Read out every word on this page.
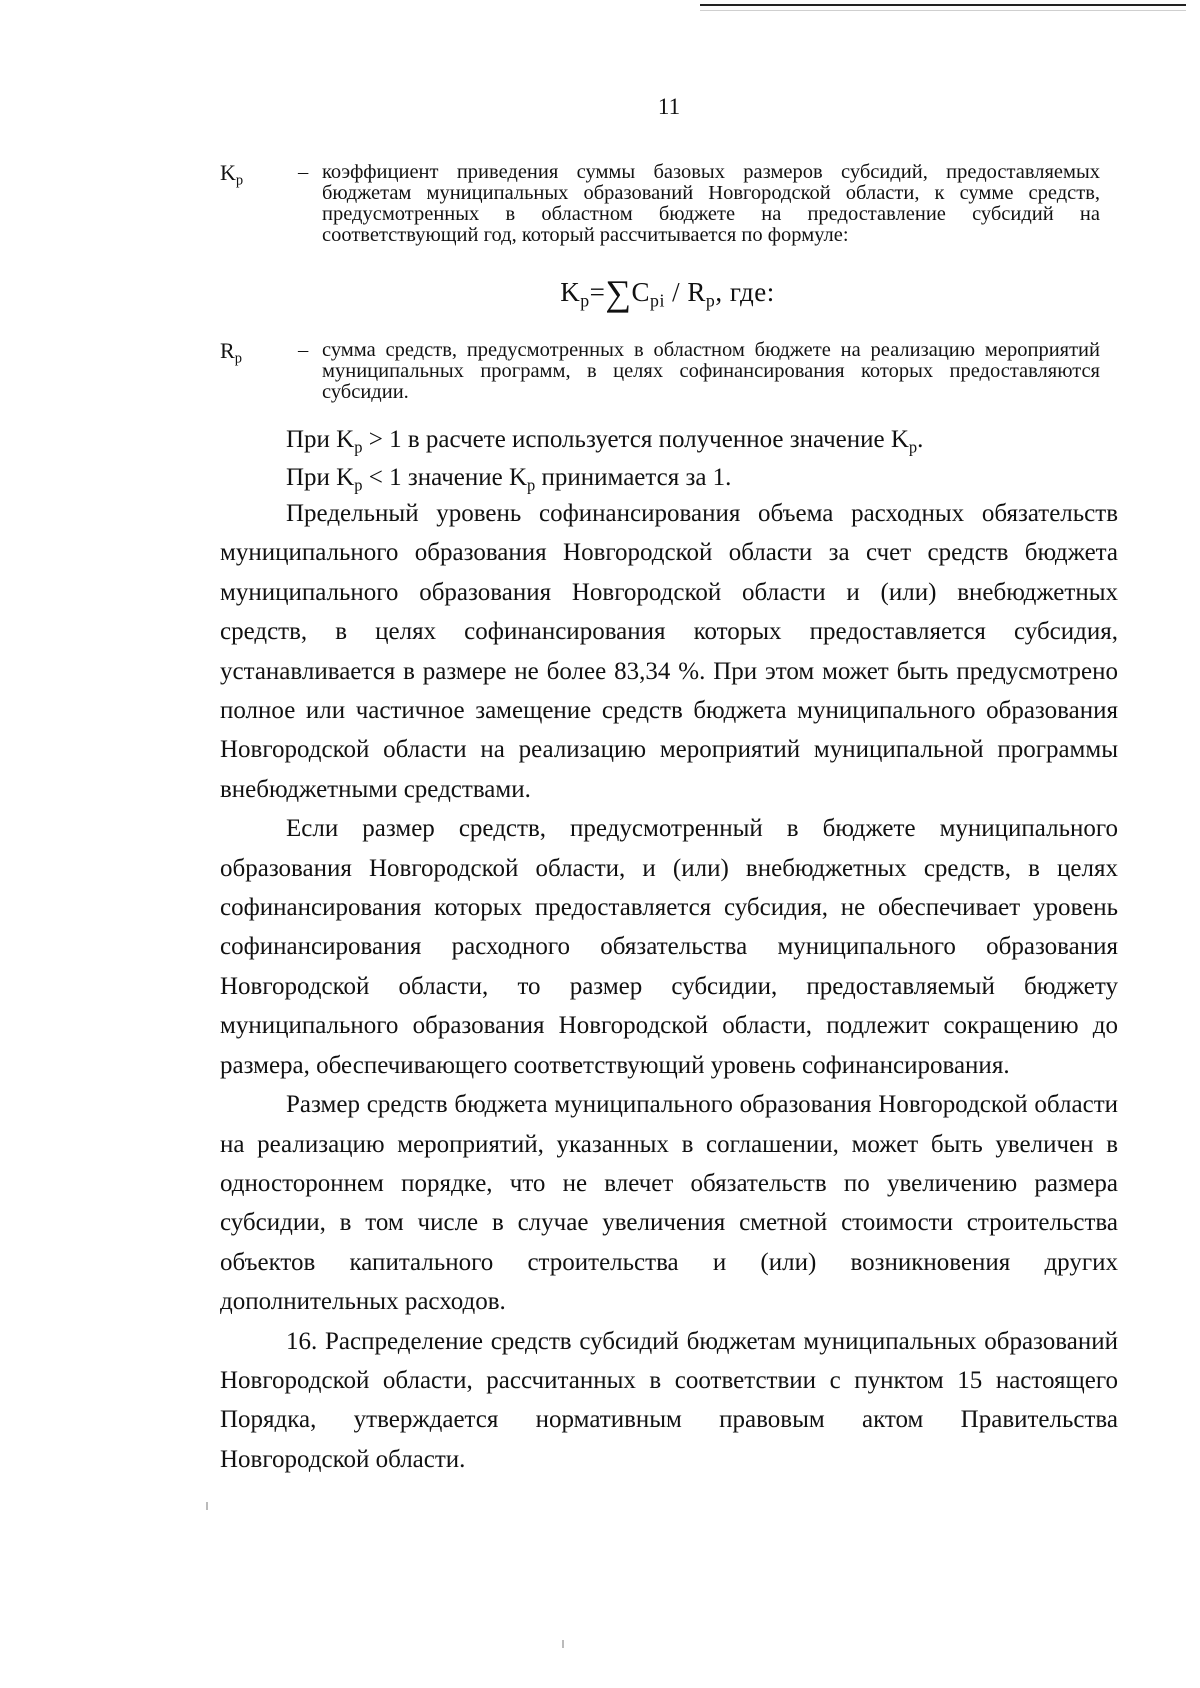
11
$K_p$	– коэффициент приведения суммы базовых размеров субсидий, предоставляемых бюджетам муниципальных образований Новгородской области, к сумме средств, предусмотренных в областном бюджете на предоставление субсидий на соответствующий год, который рассчитывается по формуле:
$K_p=\sum C_{pi} / R_p$, где:
$R_p$	– сумма средств, предусмотренных в областном бюджете на реализацию мероприятий муниципальных программ, в целях софинансирования которых предоставляются субсидии.
При $K_p > 1$ в расчете используется полученное значение $K_p$.
При $K_p < 1$ значение $K_p$ принимается за 1.

Предельный уровень софинансирования объема расходных обязательств муниципального образования Новгородской области за счет средств бюджета муниципального образования Новгородской области и (или) внебюджетных средств, в целях софинансирования которых предоставляется субсидия, устанавливается в размере не более 83,34 %. При этом может быть предусмотрено полное или частичное замещение средств бюджета муниципального образования Новгородской области на реализацию мероприятий муниципальной программы внебюджетными средствами.

Если размер средств, предусмотренный в бюджете муниципального образования Новгородской области, и (или) внебюджетных средств, в целях софинансирования которых предоставляется субсидия, не обеспечивает уровень софинансирования расходного обязательства муниципального образования Новгородской области, то размер субсидии, предоставляемый бюджету муниципального образования Новгородской области, подлежит сокращению до размера, обеспечивающего соответствующий уровень софинансирования.

Размер средств бюджета муниципального образования Новгородской области на реализацию мероприятий, указанных в соглашении, может быть увеличен в одностороннем порядке, что не влечет обязательств по увеличению размера субсидии, в том числе в случае увеличения сметной стоимости строительства объектов капитального строительства и (или) возникновения других дополнительных расходов.

16. Распределение средств субсидий бюджетам муниципальных образований Новгородской области, рассчитанных в соответствии с пунктом 15 настоящего Порядка, утверждается нормативным правовым актом Правительства Новгородской области.
